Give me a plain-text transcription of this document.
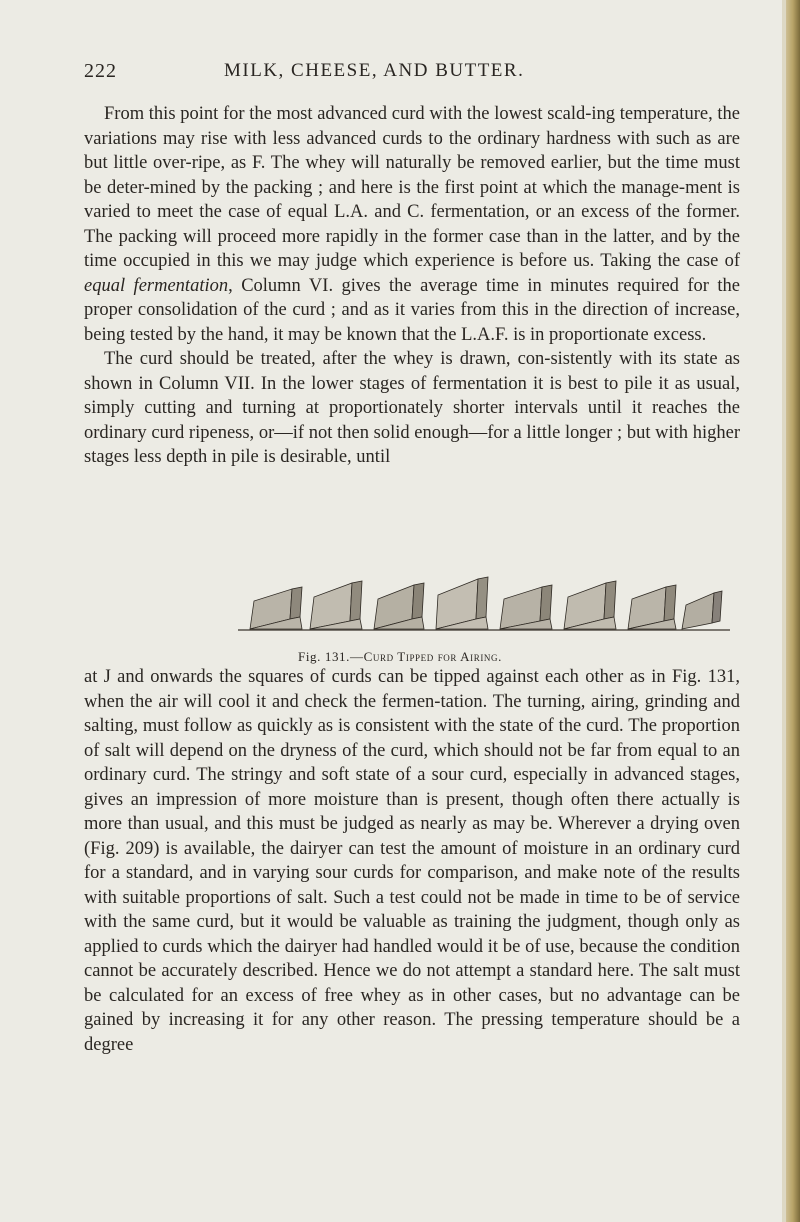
222	MILK, CHEESE, AND BUTTER.

From this point for the most advanced curd with the lowest scald-ing temperature, the variations may rise with less advanced curds to the ordinary hardness with such as are but little over-ripe, as F. The whey will naturally be removed earlier, but the time must be deter-mined by the packing ; and here is the first point at which the manage-ment is varied to meet the case of equal L.A. and C. fermentation, or an excess of the former. The packing will proceed more rapidly in the former case than in the latter, and by the time occupied in this we may judge which experience is before us. Taking the case of equal fermentation, Column VI. gives the average time in minutes required for the proper consolidation of the curd ; and as it varies from this in the direction of increase, being tested by the hand, it may be known that the L.A.F. is in proportionate excess.

The curd should be treated, after the whey is drawn, con-sistently with its state as shown in Column VII. In the lower stages of fermentation it is best to pile it as usual, simply cutting and turning at proportionately shorter intervals until it reaches the ordinary curd ripeness, or—if not then solid enough—for a little longer ; but with higher stages less depth in pile is desirable, until

Fig. 131.—Curd Tipped for Airing.

at J and onwards the squares of curds can be tipped against each other as in Fig. 131, when the air will cool it and check the fermen-tation. The turning, airing, grinding and salting, must follow as quickly as is consistent with the state of the curd. The proportion of salt will depend on the dryness of the curd, which should not be far from equal to an ordinary curd. The stringy and soft state of a sour curd, especially in advanced stages, gives an impression of more moisture than is present, though often there actually is more than usual, and this must be judged as nearly as may be. Wherever a drying oven (Fig. 209) is available, the dairyer can test the amount of moisture in an ordinary curd for a standard, and in varying sour curds for comparison, and make note of the results with suitable proportions of salt. Such a test could not be made in time to be of service with the same curd, but it would be valuable as training the judgment, though only as applied to curds which the dairyer had handled would it be of use, because the condition cannot be accurately described. Hence we do not attempt a standard here. The salt must be calculated for an excess of free whey as in other cases, but no advantage can be gained by increasing it for any other reason. The pressing temperature should be a degree
